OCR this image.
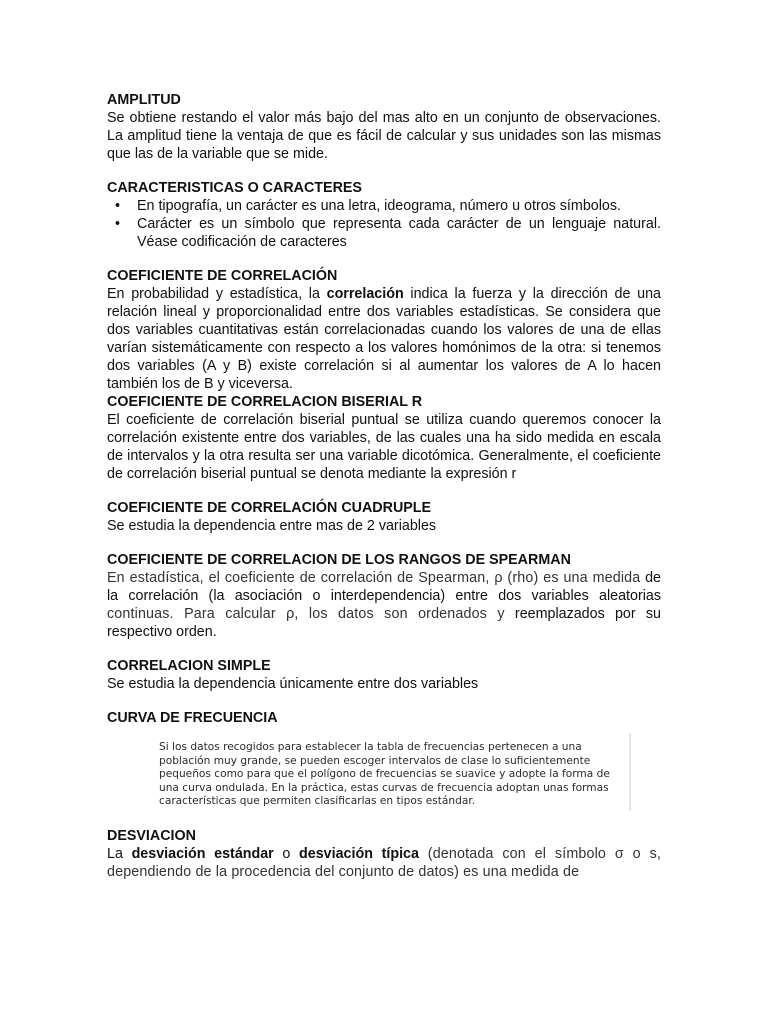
AMPLITUD

Se obtiene restando el valor más bajo del mas alto en un conjunto de observaciones. La amplitud tiene la ventaja de que es fácil de calcular y sus unidades son las mismas que las de la variable que se mide.

CARACTERISTICAS O CARACTERES
• En tipografía, un carácter es una letra, ideograma, número u otros símbolos.
• Carácter es un símbolo que representa cada carácter de un lenguaje natural. Véase codificación de caracteres
COEFICIENTE DE CORRELACIÓN

En probabilidad y estadística, la correlación indica la fuerza y la dirección de una relación lineal y proporcionalidad entre dos variables estadísticas. Se considera que dos variables cuantitativas están correlacionadas cuando los valores de una de ellas varían sistemáticamente con respecto a los valores homónimos de la otra: si tenemos dos variables (A y B) existe correlación si al aumentar los valores de A lo hacen también los de B y viceversa.

COEFICIENTE DE CORRELACION BISERIAL R

El coeficiente de correlación biserial puntual se utiliza cuando queremos conocer la correlación existente entre dos variables, de las cuales una ha sido medida en escala de intervalos y la otra resulta ser una variable dicotómica. Generalmente, el coeficiente de correlación biserial puntual se denota mediante la expresión r

COEFICIENTE DE CORRELACIÓN CUADRUPLE

Se estudia la dependencia entre mas de 2 variables

COEFICIENTE DE CORRELACION DE LOS RANGOS DE SPEARMAN

En estadística, el coeficiente de correlación de Spearman, ρ (rho) es una medida de la correlación (la asociación o interdependencia) entre dos variables aleatorias continuas. Para calcular ρ, los datos son ordenados y reemplazados por su respectivo orden.

CORRELACION SIMPLE

Se estudia la dependencia únicamente entre dos variables

CURVA DE FRECUENCIA

Si los datos recogidos para establecer la tabla de frecuencias pertenecen a una población muy grande, se pueden escoger intervalos de clase lo suficientemente pequeños como para que el polígono de frecuencias se suavice y adopte la forma de una curva ondulada. En la práctica, estas curvas de frecuencia adoptan unas formas características que permiten clasificarlas en tipos estándar.

DESVIACION

La desviación estándar o desviación típica (denotada con el símbolo σ o s, dependiendo de la procedencia del conjunto de datos) es una medida de
